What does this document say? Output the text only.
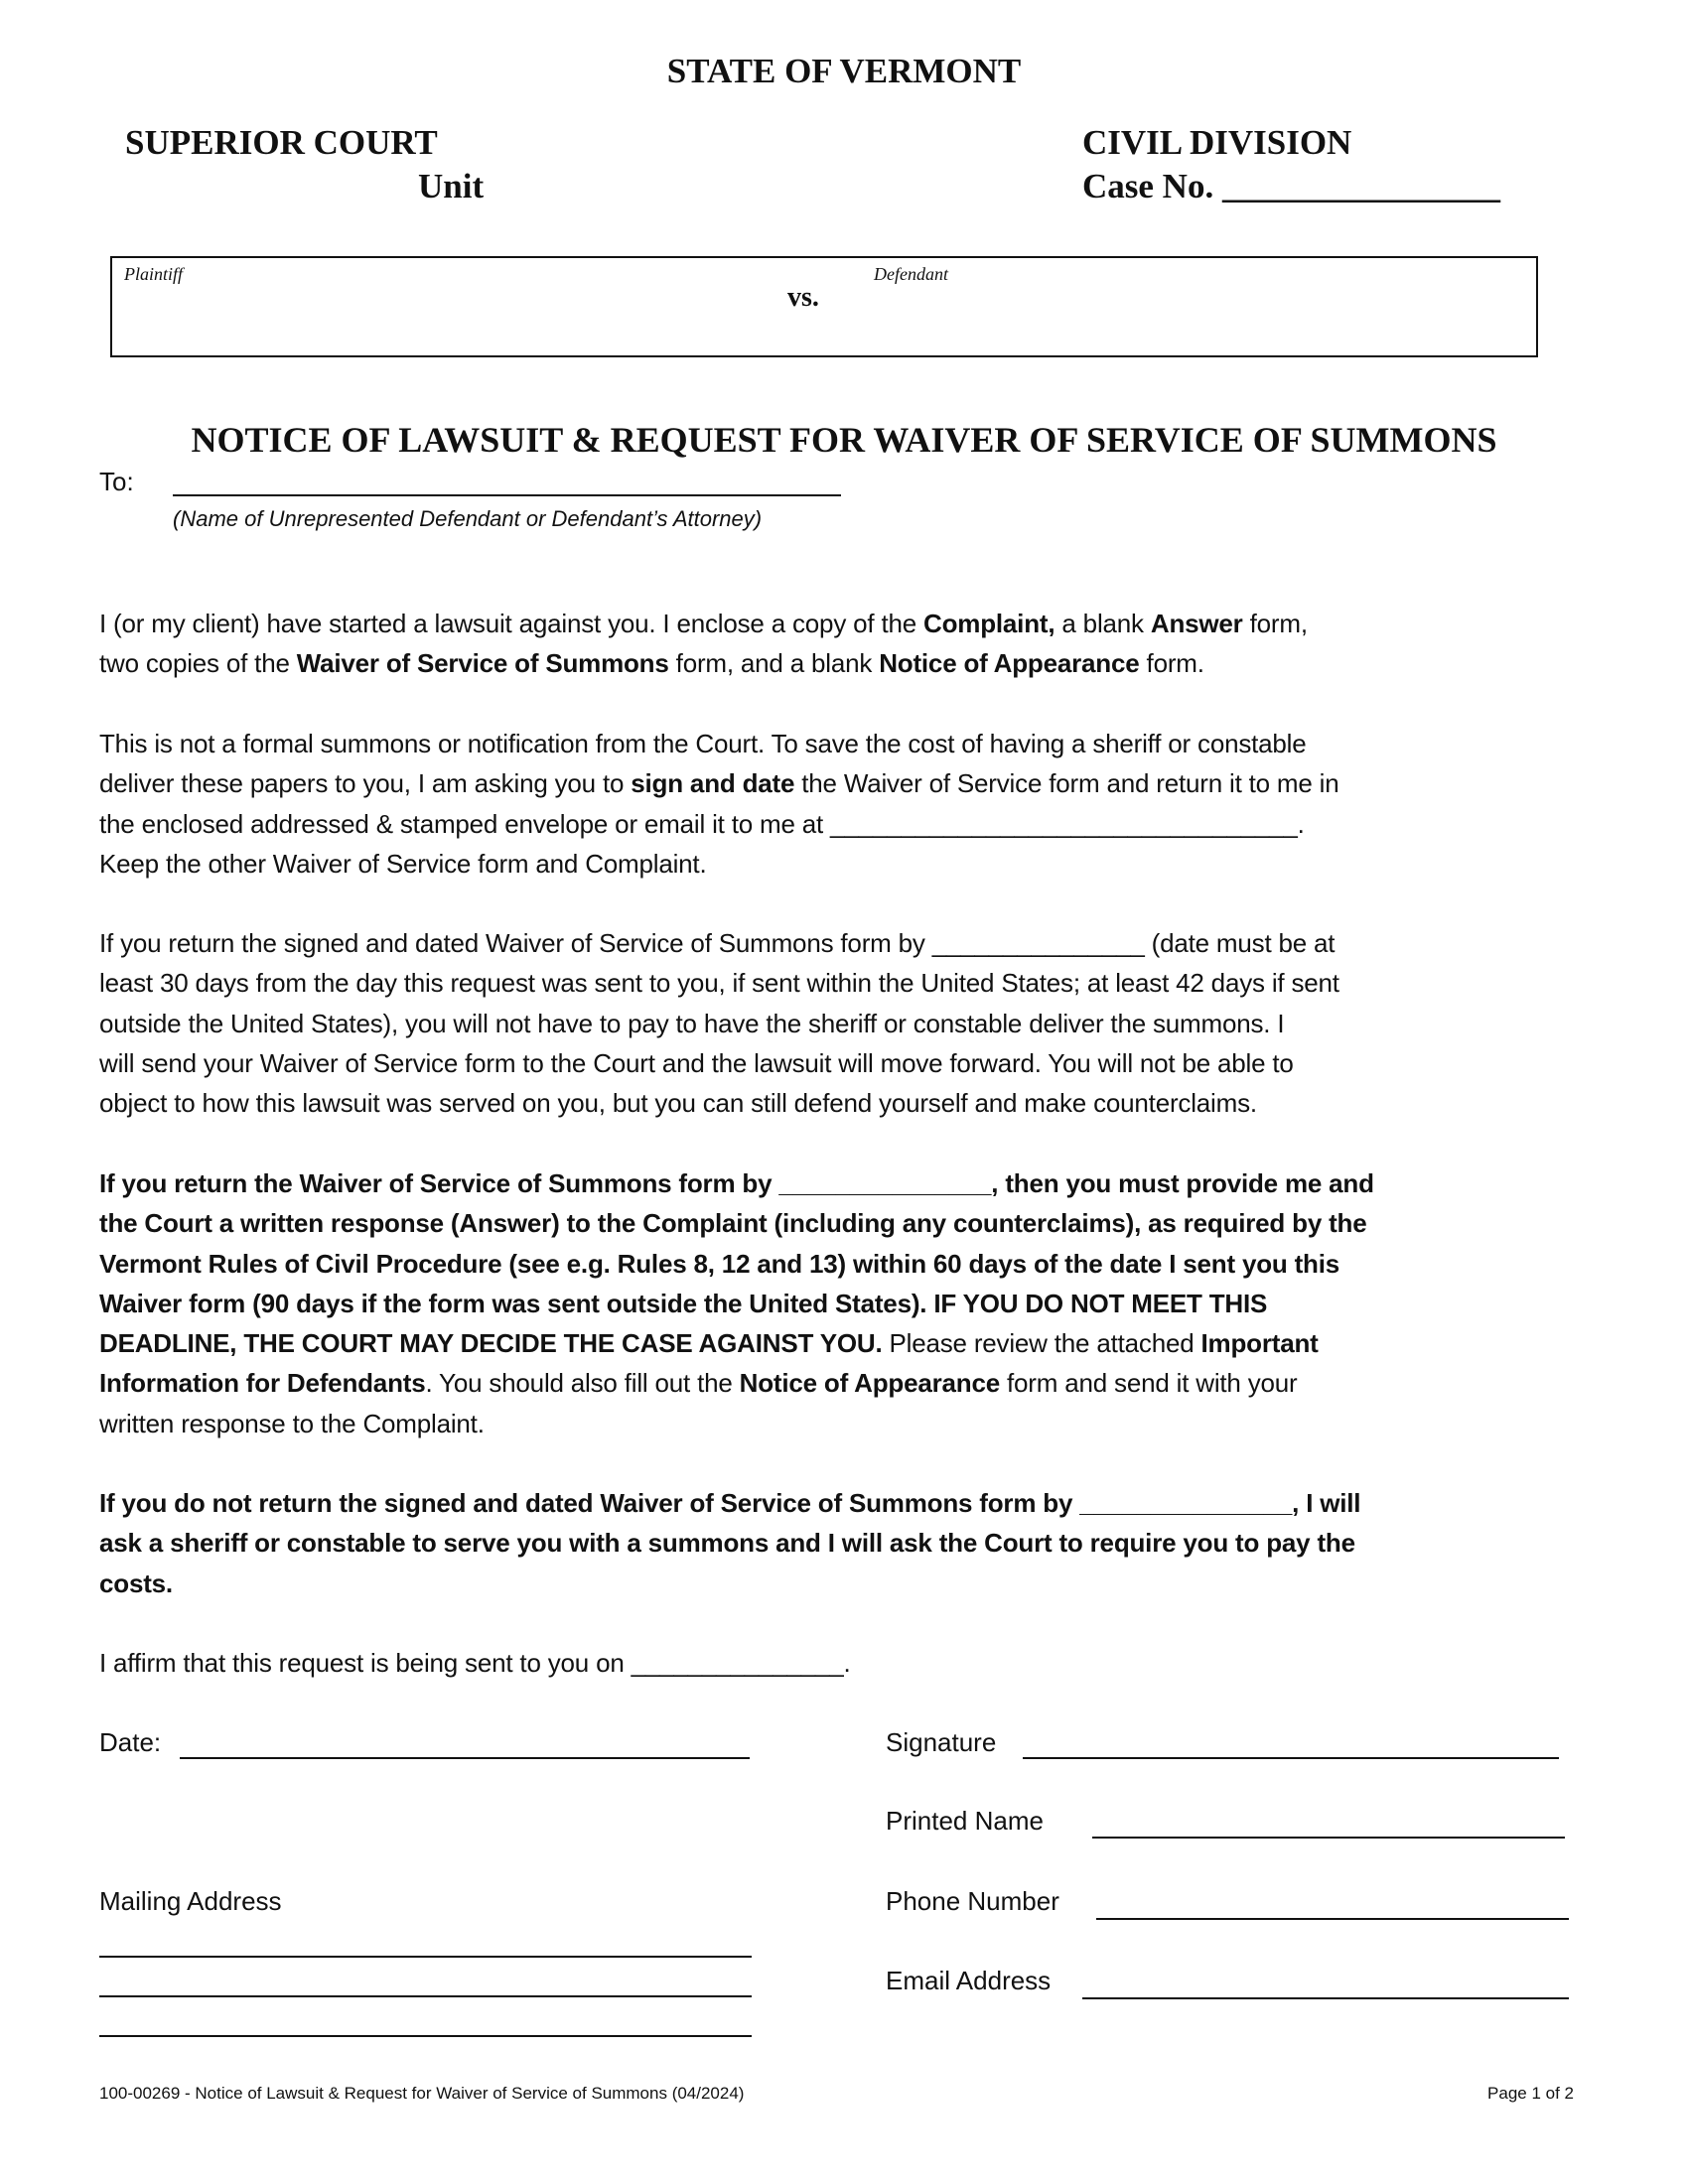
STATE OF VERMONT
SUPERIOR COURT
Unit
CIVIL DIVISION
Case No. ________________
Plaintiff
vs.
Defendant
NOTICE OF LAWSUIT & REQUEST FOR WAIVER OF SERVICE OF SUMMONS
To:
(Name of Unrepresented Defendant or Defendant’s Attorney)
I (or my client) have started a lawsuit against you. I enclose a copy of the Complaint, a blank Answer form,
two copies of the Waiver of Service of Summons form, and a blank Notice of Appearance form.
This is not a formal summons or notification from the Court. To save the cost of having a sheriff or constable
deliver these papers to you, I am asking you to sign and date the Waiver of Service form and return it to me in
the enclosed addressed & stamped envelope or email it to me at _________________________________.
Keep the other Waiver of Service form and Complaint.
If you return the signed and dated Waiver of Service of Summons form by _______________ (date must be at
least 30 days from the day this request was sent to you, if sent within the United States; at least 42 days if sent
outside the United States), you will not have to pay to have the sheriff or constable deliver the summons. I
will send your Waiver of Service form to the Court and the lawsuit will move forward. You will not be able to
object to how this lawsuit was served on you, but you can still defend yourself and make counterclaims.
If you return the Waiver of Service of Summons form by _______________, then you must provide me and
the Court a written response (Answer) to the Complaint (including any counterclaims), as required by the
Vermont Rules of Civil Procedure (see e.g. Rules 8, 12 and 13) within 60 days of the date I sent you this
Waiver form (90 days if the form was sent outside the United States). IF YOU DO NOT MEET THIS
DEADLINE, THE COURT MAY DECIDE THE CASE AGAINST YOU. Please review the attached Important
Information for Defendants. You should also fill out the Notice of Appearance form and send it with your
written response to the Complaint.
If you do not return the signed and dated Waiver of Service of Summons form by _______________, I will
ask a sheriff or constable to serve you with a summons and I will ask the Court to require you to pay the
costs.
I affirm that this request is being sent to you on _______________.
Date:	Signature
Printed Name
Mailing Address	Phone Number
Email Address
100-00269 - Notice of Lawsuit & Request for Waiver of Service of Summons (04/2024)	Page 1 of 2
